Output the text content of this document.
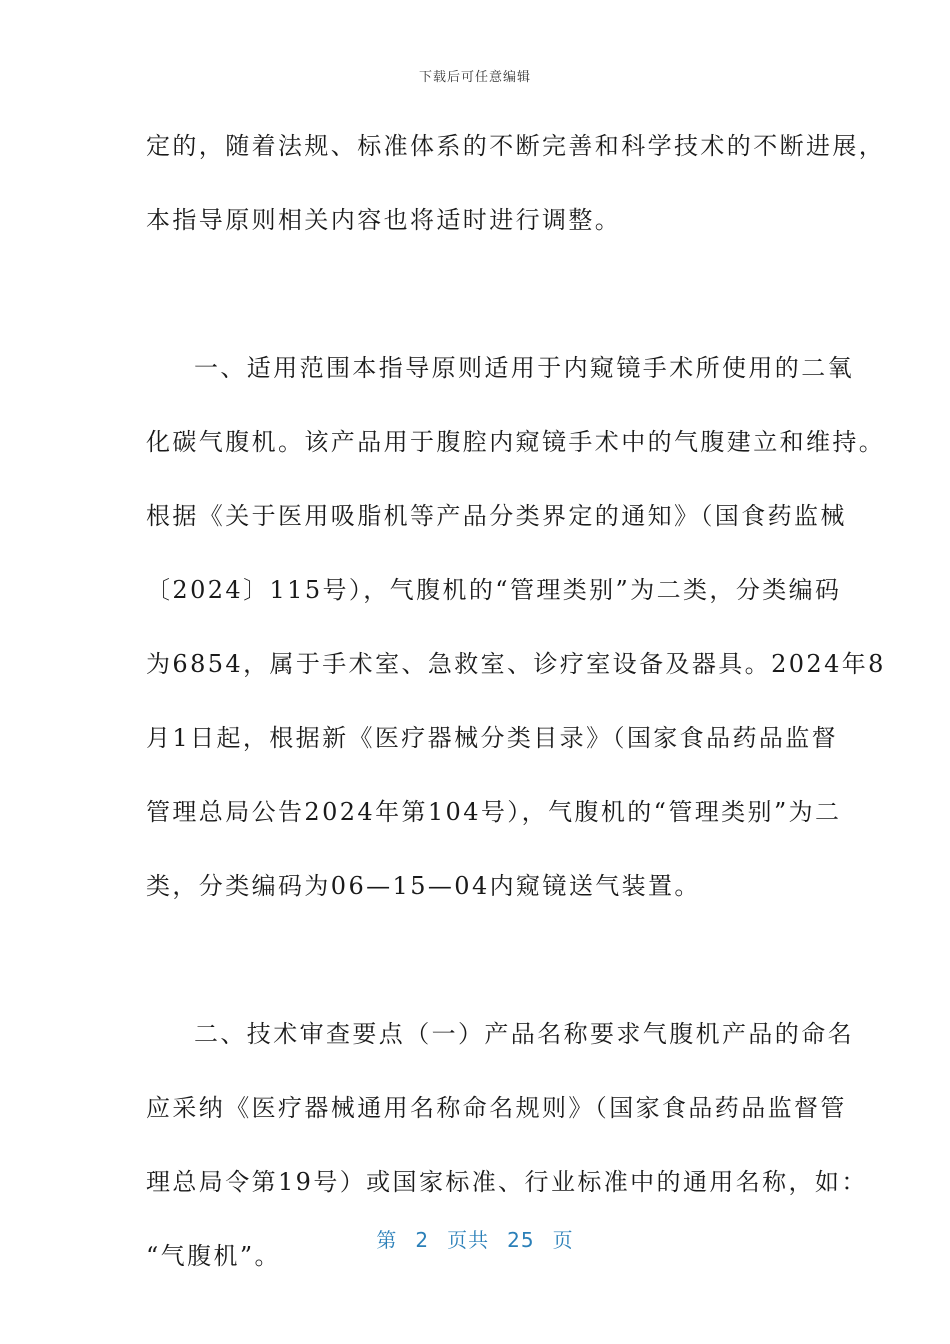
下载后可任意编辑
定的，随着法规、标准体系的不断完善和科学技术的不断进展，
本指导原则相关内容也将适时进行调整。
一、适用范围本指导原则适用于内窥镜手术所使用的二氧
化碳气腹机。该产品用于腹腔内窥镜手术中的气腹建立和维持。
根据《关于医用吸脂机等产品分类界定的通知》（国食药监械
〔2024〕115号），气腹机的“管理类别”为二类，分类编码
为6854，属于手术室、急救室、诊疗室设备及器具。2024年8
月1日起，根据新《医疗器械分类目录》（国家食品药品监督
管理总局公告2024年第104号），气腹机的“管理类别”为二
类，分类编码为06—15—04内窥镜送气装置。
二、技术审查要点（一）产品名称要求气腹机产品的命名
应采纳《医疗器械通用名称命名规则》（国家食品药品监督管
理总局令第19号）或国家标准、行业标准中的通用名称，如：
“气腹机”。
第 2 页共 25 页
